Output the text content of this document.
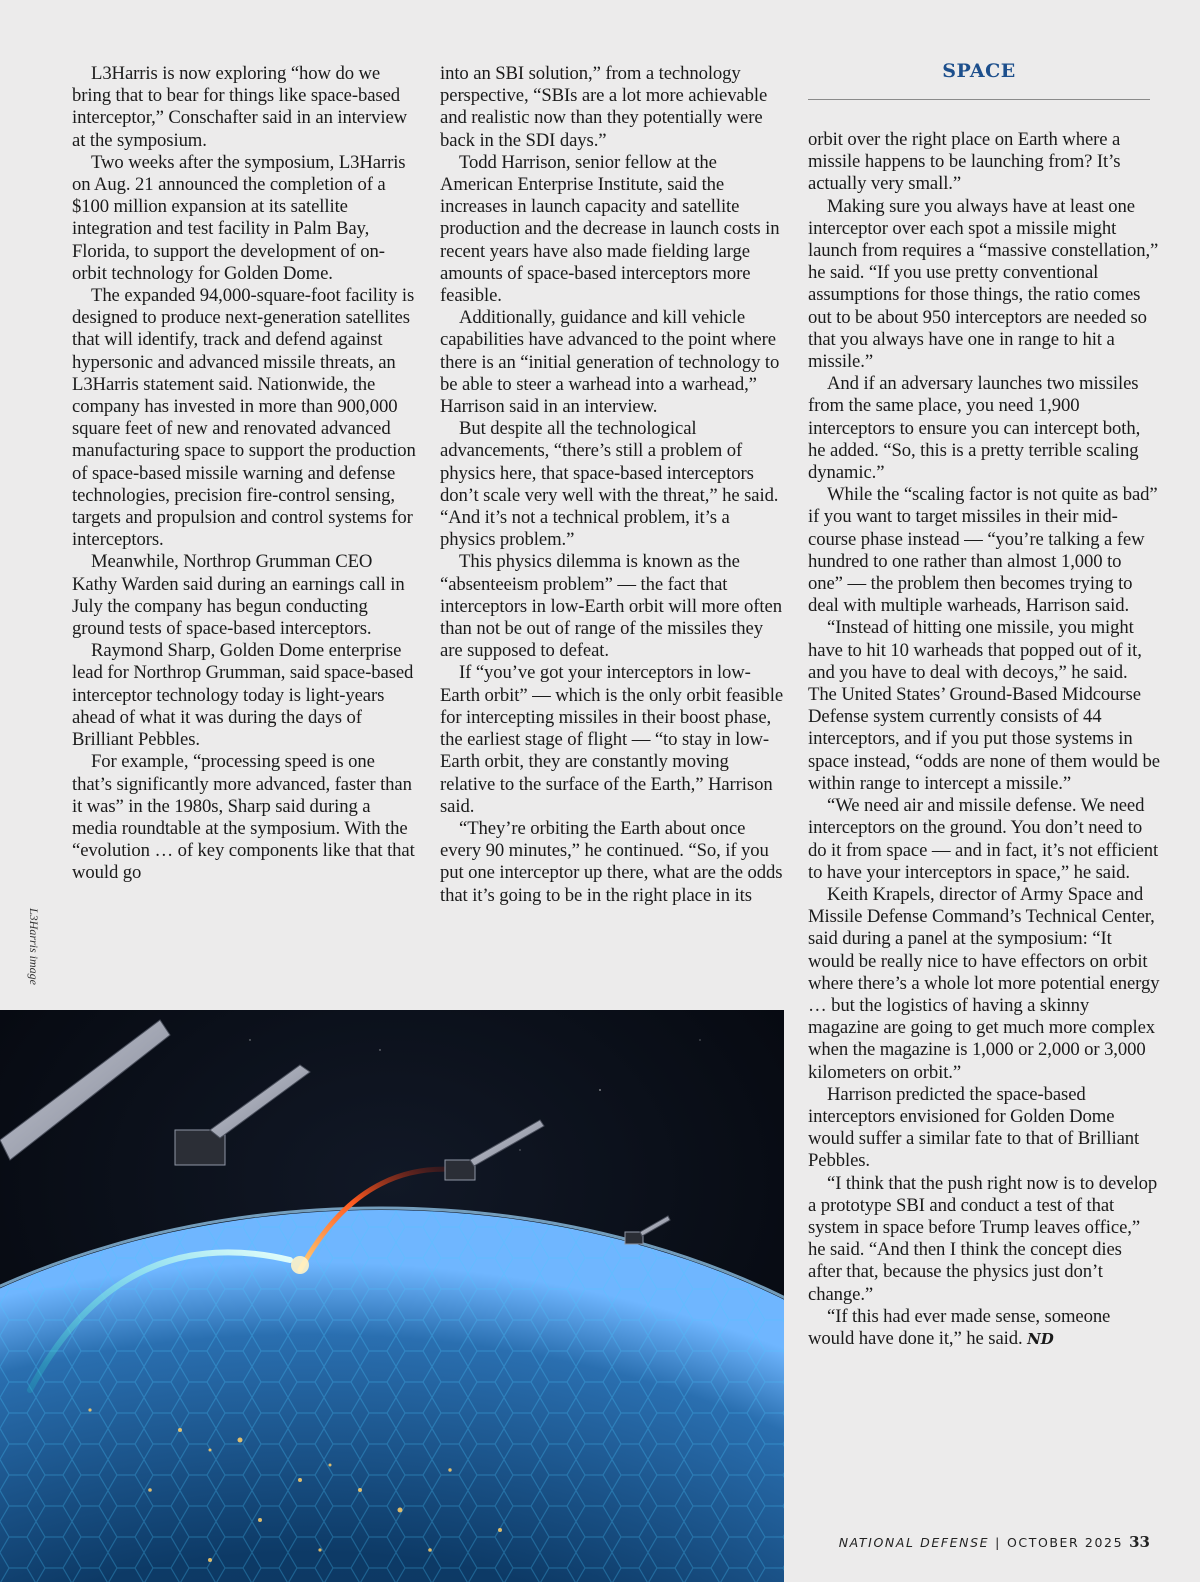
SPACE

L3Harris is now exploring “how do we bring that to bear for things like space-based interceptor,” Conschafter said in an interview at the symposium.

Two weeks after the symposium, L3Harris on Aug. 21 announced the completion of a $100 million expansion at its satellite integration and test facility in Palm Bay, Florida, to support the development of on-orbit technology for Golden Dome.

The expanded 94,000-square-foot facility is designed to produce next-generation satellites that will identify, track and defend against hypersonic and advanced missile threats, an L3Harris statement said. Nationwide, the company has invested in more than 900,000 square feet of new and renovated advanced manufacturing space to support the production of space-based missile warning and defense technologies, precision fire-control sensing, targets and propulsion and control systems for interceptors.

Meanwhile, Northrop Grumman CEO Kathy Warden said during an earnings call in July the company has begun conducting ground tests of space-based interceptors.

Raymond Sharp, Golden Dome enterprise lead for Northrop Grumman, said space-based interceptor technology today is light-years ahead of what it was during the days of Brilliant Pebbles.

For example, “processing speed is one that’s significantly more advanced, faster than it was” in the 1980s, Sharp said during a media roundtable at the symposium. With the “evolution … of key components like that that would go

into an SBI solution,” from a technology perspective, “SBIs are a lot more achievable and realistic now than they potentially were back in the SDI days.”

Todd Harrison, senior fellow at the American Enterprise Institute, said the increases in launch capacity and satellite production and the decrease in launch costs in recent years have also made fielding large amounts of space-based interceptors more feasible.

Additionally, guidance and kill vehicle capabilities have advanced to the point where there is an “initial generation of technology to be able to steer a warhead into a warhead,” Harrison said in an interview.

But despite all the technological advancements, “there’s still a problem of physics here, that space-based interceptors don’t scale very well with the threat,” he said. “And it’s not a technical problem, it’s a physics problem.”

This physics dilemma is known as the “absenteeism problem” — the fact that interceptors in low-Earth orbit will more often than not be out of range of the missiles they are supposed to defeat.

If “you’ve got your interceptors in low-Earth orbit” — which is the only orbit feasible for intercepting missiles in their boost phase, the earliest stage of flight — “to stay in low-Earth orbit, they are constantly moving relative to the surface of the Earth,” Harrison said.

“They’re orbiting the Earth about once every 90 minutes,” he continued. “So, if you put one interceptor up there, what are the odds that it’s going to be in the right place in its

orbit over the right place on Earth where a missile happens to be launching from? It’s actually very small.”

Making sure you always have at least one interceptor over each spot a missile might launch from requires a “massive constellation,” he said. “If you use pretty conventional assumptions for those things, the ratio comes out to be about 950 interceptors are needed so that you always have one in range to hit a missile.”

And if an adversary launches two missiles from the same place, you need 1,900 interceptors to ensure you can intercept both, he added. “So, this is a pretty terrible scaling dynamic.”

While the “scaling factor is not quite as bad” if you want to target missiles in their mid-course phase instead — “you’re talking a few hundred to one rather than almost 1,000 to one” — the problem then becomes trying to deal with multiple warheads, Harrison said.

“Instead of hitting one missile, you might have to hit 10 warheads that popped out of it, and you have to deal with decoys,” he said. The United States’ Ground-Based Midcourse Defense system currently consists of 44 interceptors, and if you put those systems in space instead, “odds are none of them would be within range to intercept a missile.”

“We need air and missile defense. We need interceptors on the ground. You don’t need to do it from space — and in fact, it’s not efficient to have your interceptors in space,” he said.

Keith Krapels, director of Army Space and Missile Defense Command’s Technical Center, said during a panel at the symposium: “It would be really nice to have effectors on orbit where there’s a whole lot more potential energy … but the logistics of having a skinny magazine are going to get much more complex when the magazine is 1,000 or 2,000 or 3,000 kilometers on orbit.”

Harrison predicted the space-based interceptors envisioned for Golden Dome would suffer a similar fate to that of Brilliant Pebbles.

“I think that the push right now is to develop a prototype SBI and conduct a test of that system in space before Trump leaves office,” he said. “And then I think the concept dies after that, because the physics just don’t change.”

“If this had ever made sense, someone would have done it,” he said. ND

L3Harris image
NATIONAL DEFENSE | OCTOBER 2025 33
